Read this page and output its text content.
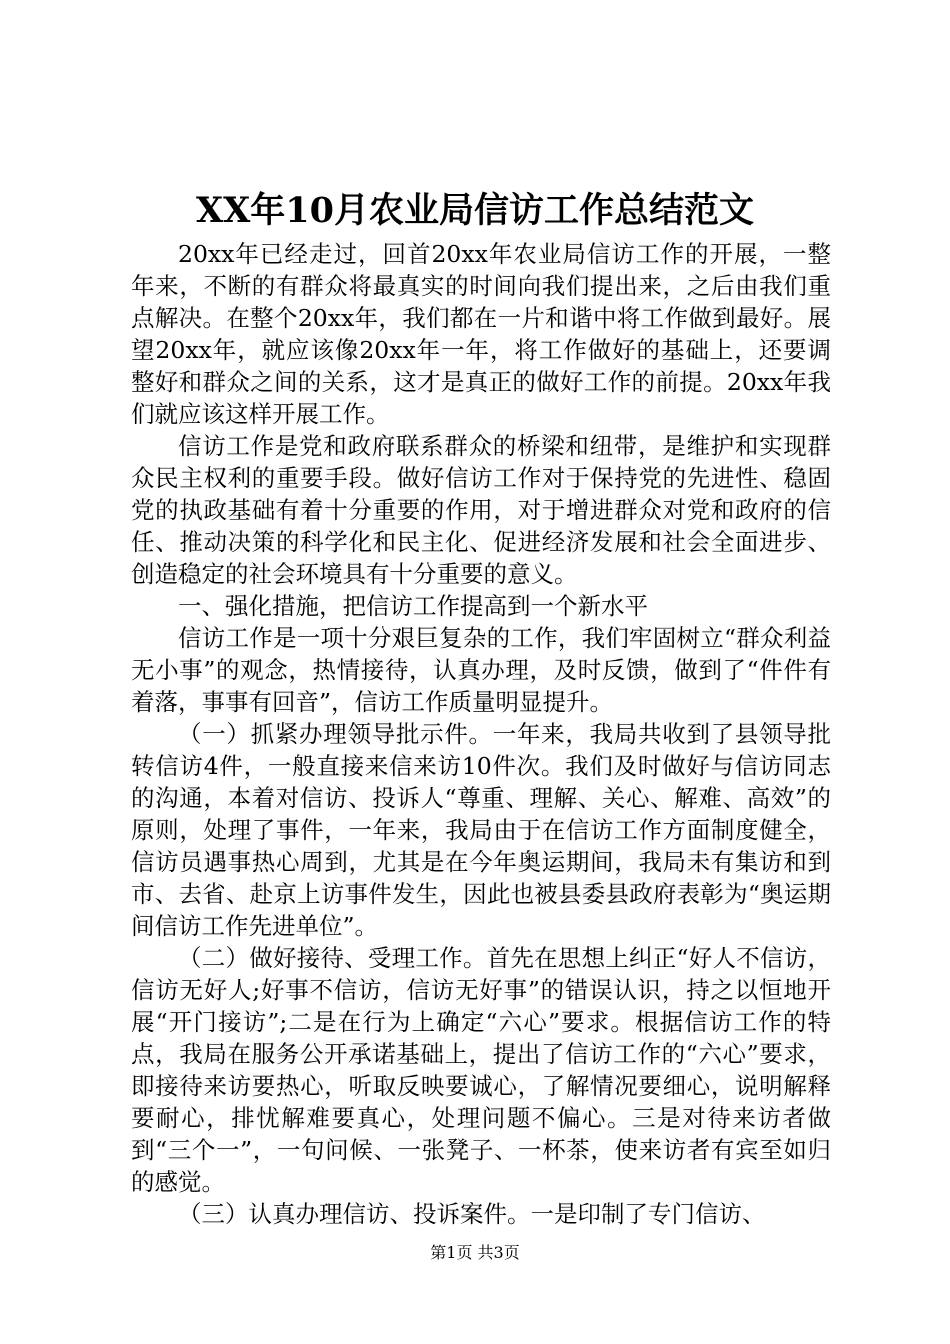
XX年10月农业局信访工作总结范文

20xx年已经走过，回首20xx年农业局信访工作的开展，一整年来，不断的有群众将最真实的时间向我们提出来，之后由我们重点解决。在整个20xx年，我们都在一片和谐中将工作做到最好。展望20xx年，就应该像20xx年一年，将工作做好的基础上，还要调整好和群众之间的关系，这才是真正的做好工作的前提。20xx年我们就应该这样开展工作。

信访工作是党和政府联系群众的桥梁和纽带，是维护和实现群众民主权利的重要手段。做好信访工作对于保持党的先进性、稳固党的执政基础有着十分重要的作用，对于增进群众对党和政府的信任、推动决策的科学化和民主化、促进经济发展和社会全面进步、创造稳定的社会环境具有十分重要的意义。

一、强化措施，把信访工作提高到一个新水平

信访工作是一项十分艰巨复杂的工作，我们牢固树立“群众利益无小事”的观念，热情接待，认真办理，及时反馈，做到了“件件有着落，事事有回音”，信访工作质量明显提升。

（一）抓紧办理领导批示件。一年来，我局共收到了县领导批转信访4件，一般直接来信来访10件次。我们及时做好与信访同志的沟通，本着对信访、投诉人“尊重、理解、关心、解难、高效”的原则，处理了事件，一年来，我局由于在信访工作方面制度健全，信访员遇事热心周到，尤其是在今年奥运期间，我局未有集访和到市、去省、赴京上访事件发生，因此也被县委县政府表彰为“奥运期间信访工作先进单位”。

（二）做好接待、受理工作。首先在思想上纠正“好人不信访，信访无好人;好事不信访，信访无好事”的错误认识，持之以恒地开展“开门接访”;二是在行为上确定“六心”要求。根据信访工作的特点，我局在服务公开承诺基础上，提出了信访工作的“六心”要求，即接待来访要热心，听取反映要诚心，了解情况要细心，说明解释要耐心，排忧解难要真心，处理问题不偏心。三是对待来访者做到“三个一”，一句问候、一张凳子、一杯茶，使来访者有宾至如归的感觉。

（三）认真办理信访、投诉案件。一是印制了专门信访、

第1页 共3页
